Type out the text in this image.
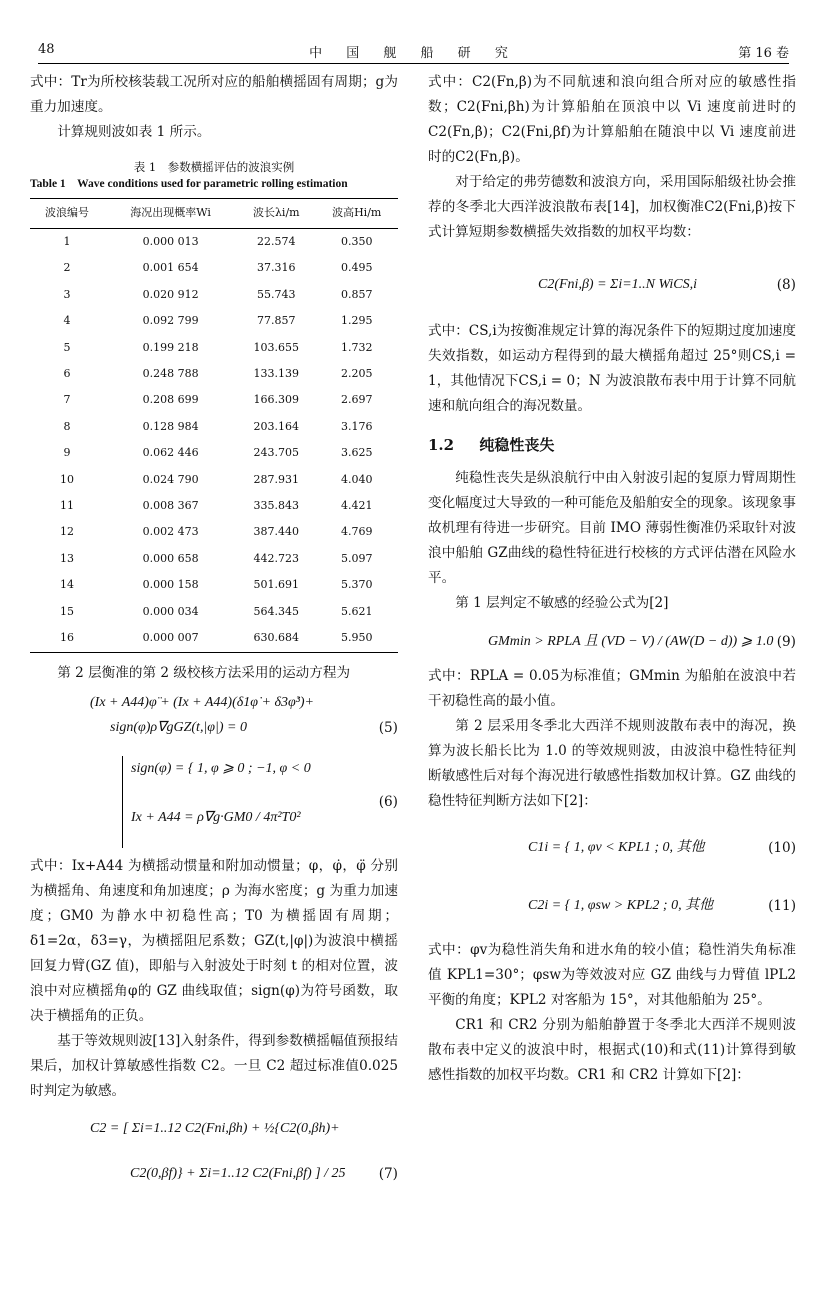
48	中 国 舰 船 研 究	第 16 卷

式中：Tr为所校核装载工况所对应的船舶横摇固有周期；g为重力加速度。

计算规则波如表 1 所示。

表 1　参数横摇评估的波浪实例
Table 1　Wave conditions used for parametric rolling estimation
波浪编号	海况出现概率Wi	波长λi/m	波高Hi/m
1	0.000 013	22.574	0.350
2	0.001 654	37.316	0.495
3	0.020 912	55.743	0.857
4	0.092 799	77.857	1.295
5	0.199 218	103.655	1.732
6	0.248 788	133.139	2.205
7	0.208 699	166.309	2.697
8	0.128 984	203.164	3.176
9	0.062 446	243.705	3.625
10	0.024 790	287.931	4.040
11	0.008 367	335.843	4.421
12	0.002 473	387.440	4.769
13	0.000 658	442.723	5.097
14	0.000 158	501.691	5.370
15	0.000 034	564.345	5.621
16	0.000 007	630.684	5.950

第 2 层衡准的第 2 级校核方法采用的运动方程为

(Ix + A44)φ̈ + (Ix + A44)(δ1φ̇ + δ3φ̇³)+
sign(φ)ρ∇gGZ(t,|φ|) = 0	(5)
sign(φ) = { 1, φ ⩾ 0 ; −1, φ < 0
Ix + A44 = ρ∇g·GM0 / 4π²T0²
(6)

式中：Ix+A44 为横摇动惯量和附加动惯量；φ，φ̇，φ̈ 分别为横摇角、角速度和角加速度；ρ 为海水密度；g 为重力加速度；GM0 为静水中初稳性高；T0 为横摇固有周期；δ1=2α，δ3=γ，为横摇阻尼系数；GZ(t,|φ|)为波浪中横摇回复力臂(GZ 值)，即船与入射波处于时刻 t 的相对位置，波浪中对应横摇角φ的 GZ 曲线取值；sign(φ)为符号函数，取决于横摇角的正负。

基于等效规则波[13]入射条件，得到参数横摇幅值预报结果后，加权计算敏感性指数 C2。一旦 C2 超过标准值0.025 时判定为敏感。

C2 = [ Σi=1..12 C2(Fni,βh) + ½{C2(0,βh)+
C2(0,βf)} + Σi=1..12 C2(Fni,βf) ] / 25	(7)

式中：C2(Fn,β)为不同航速和浪向组合所对应的敏感性指数；C2(Fni,βh)为计算船舶在顶浪中以 Vi 速度前进时的C2(Fn,β)；C2(Fni,βf)为计算船舶在随浪中以 Vi 速度前进时的C2(Fn,β)。

对于给定的弗劳德数和波浪方向，采用国际船级社协会推荐的冬季北大西洋波浪散布表[14]，加权衡准C2(Fni,β)按下式计算短期参数横摇失效指数的加权平均数：

C2(Fni,β) = Σi=1..N WiCS,i	(8)

式中：CS,i为按衡准规定计算的海况条件下的短期过度加速度失效指数，如运动方程得到的最大横摇角超过 25°则CS,i = 1，其他情况下CS,i = 0；N 为波浪散布表中用于计算不同航速和航向组合的海况数量。

1.2 纯稳性丧失

纯稳性丧失是纵浪航行中由入射波引起的复原力臂周期性变化幅度过大导致的一种可能危及船舶安全的现象。该现象事故机理有待进一步研究。目前 IMO 薄弱性衡准仍采取针对波浪中船舶 GZ曲线的稳性特征进行校核的方式评估潜在风险水平。

第 1 层判定不敏感的经验公式为[2]

GMmin > RPLA 且 (VD − V) / (AW(D − d)) ⩾ 1.0 (9)

式中：RPLA = 0.05为标准值；GMmin 为船舶在波浪中若干初稳性高的最小值。

第 2 层采用冬季北大西洋不规则波散布表中的海况，换算为波长船长比为 1.0 的等效规则波，由波浪中稳性特征判断敏感性后对每个海况进行敏感性指数加权计算。GZ 曲线的稳性特征判断方法如下[2]：

C1i = { 1, φv < KPL1 ; 0, 其他	(10)
C2i = { 1, φsw > KPL2 ; 0, 其他	(11)

式中：φv为稳性消失角和进水角的较小值；稳性消失角标准值 KPL1=30°；φsw为等效波对应 GZ 曲线与力臂值 lPL2 平衡的角度；KPL2 对客船为 15°，对其他船舶为 25°。

CR1 和 CR2 分别为船舶静置于冬季北大西洋不规则波散布表中定义的波浪中时，根据式(10)和式(11)计算得到敏感性指数的加权平均数。CR1 和 CR2 计算如下[2]：
